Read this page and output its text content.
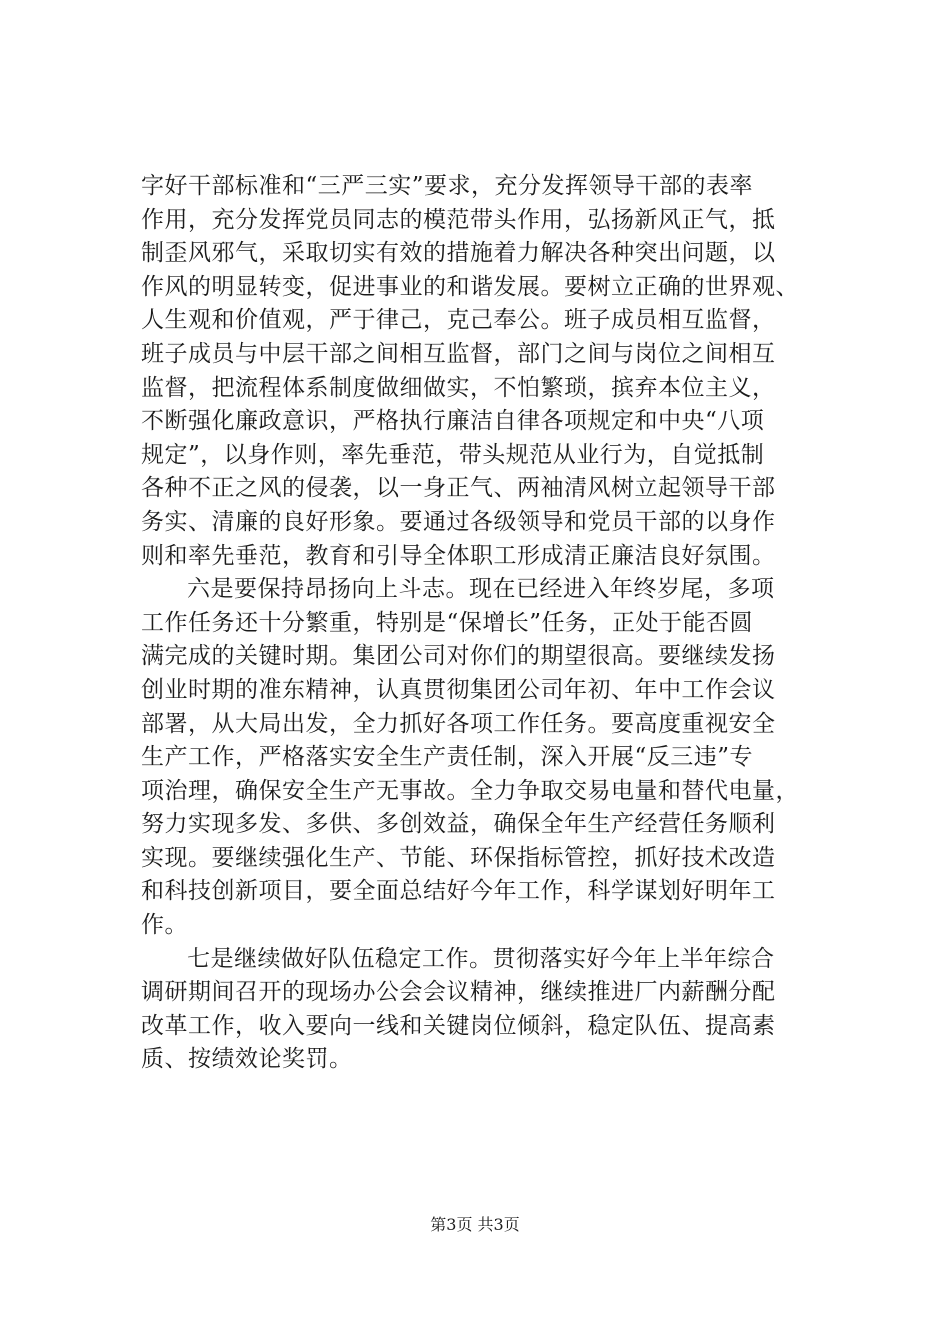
字好干部标准和“三严三实”要求，充分发挥领导干部的表率
作用，充分发挥党员同志的模范带头作用，弘扬新风正气，抵
制歪风邪气，采取切实有效的措施着力解决各种突出问题，以
作风的明显转变，促进事业的和谐发展。要树立正确的世界观、
人生观和价值观，严于律己，克己奉公。班子成员相互监督，
班子成员与中层干部之间相互监督，部门之间与岗位之间相互
监督，把流程体系制度做细做实，不怕繁琐，摈弃本位主义，
不断强化廉政意识，严格执行廉洁自律各项规定和中央“八项
规定”，以身作则，率先垂范，带头规范从业行为，自觉抵制
各种不正之风的侵袭，以一身正气、两袖清风树立起领导干部
务实、清廉的良好形象。要通过各级领导和党员干部的以身作
则和率先垂范，教育和引导全体职工形成清正廉洁良好氛围。
六是要保持昂扬向上斗志。现在已经进入年终岁尾，多项
工作任务还十分繁重，特别是“保增长”任务，正处于能否圆
满完成的关键时期。集团公司对你们的期望很高。要继续发扬
创业时期的准东精神，认真贯彻集团公司年初、年中工作会议
部署，从大局出发，全力抓好各项工作任务。要高度重视安全
生产工作，严格落实安全生产责任制，深入开展“反三违”专
项治理，确保安全生产无事故。全力争取交易电量和替代电量，
努力实现多发、多供、多创效益，确保全年生产经营任务顺利
实现。要继续强化生产、节能、环保指标管控，抓好技术改造
和科技创新项目，要全面总结好今年工作，科学谋划好明年工
作。
七是继续做好队伍稳定工作。贯彻落实好今年上半年综合
调研期间召开的现场办公会会议精神，继续推进厂内薪酬分配
改革工作，收入要向一线和关键岗位倾斜，稳定队伍、提高素
质、按绩效论奖罚。
第3页 共3页
